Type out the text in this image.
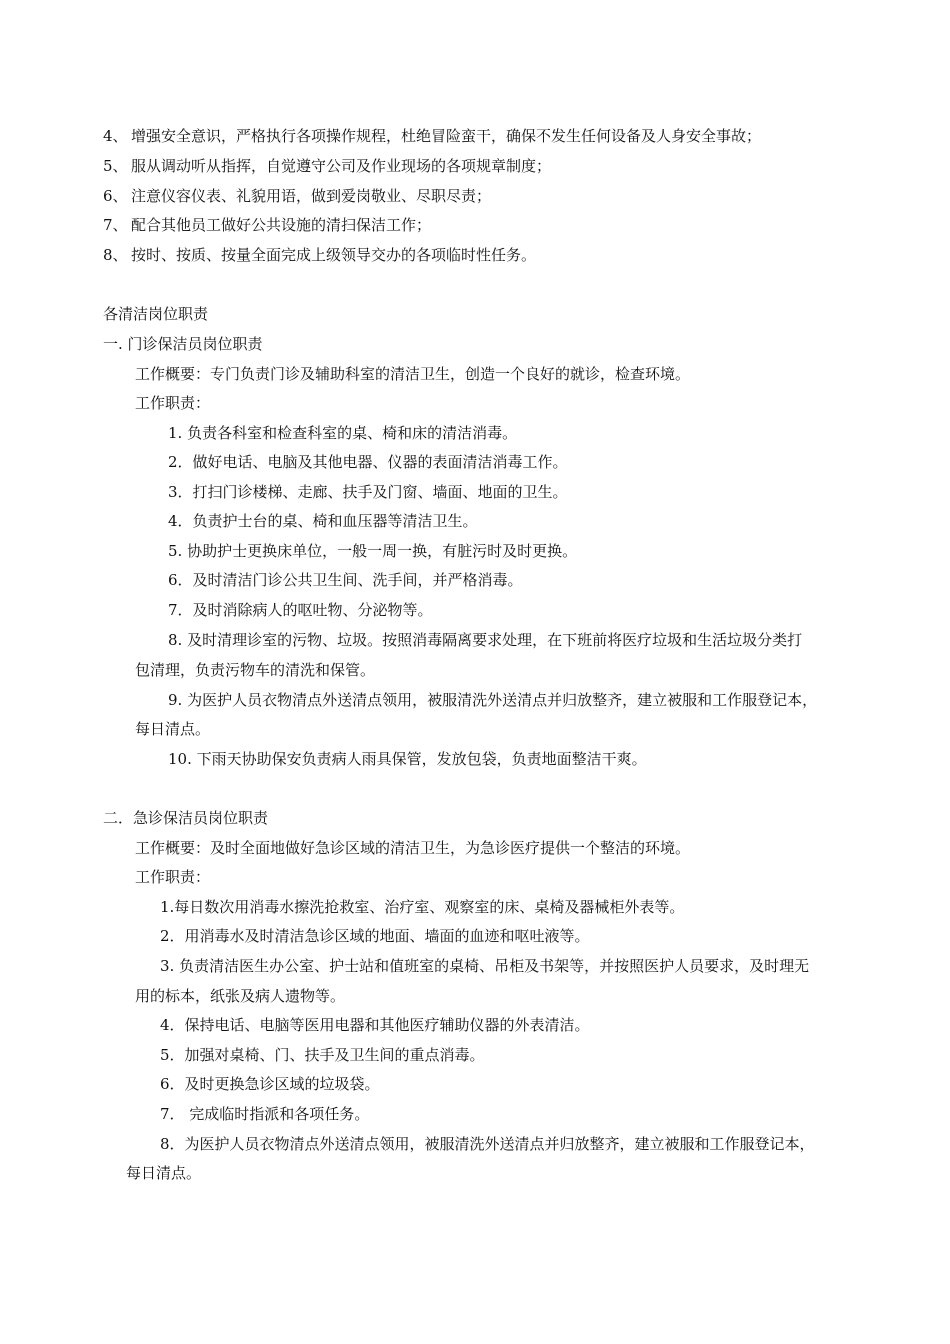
4、 增强安全意识，严格执行各项操作规程，杜绝冒险蛮干，确保不发生任何设备及人身安全事故；
5、 服从调动听从指挥，自觉遵守公司及作业现场的各项规章制度；
6、 注意仪容仪表、礼貌用语，做到爱岗敬业、尽职尽责；
7、 配合其他员工做好公共设施的清扫保洁工作；
8、 按时、按质、按量全面完成上级领导交办的各项临时性任务。
各清洁岗位职责
一. 门诊保洁员岗位职责
工作概要：专门负责门诊及辅助科室的清洁卫生，创造一个良好的就诊，检查环境。
工作职责：
1. 负责各科室和检查科室的桌、椅和床的清洁消毒。
2．做好电话、电脑及其他电器、仪器的表面清洁消毒工作。
3．打扫门诊楼梯、走廊、扶手及门窗、墙面、地面的卫生。
4．负责护士台的桌、椅和血压器等清洁卫生。
5. 协助护士更换床单位，一般一周一换，有脏污时及时更换。
6．及时清洁门诊公共卫生间、洗手间，并严格消毒。
7．及时消除病人的呕吐物、分泌物等。
8. 及时清理诊室的污物、垃圾。按照消毒隔离要求处理，在下班前将医疗垃圾和生活垃圾分类打
包清理，负责污物车的清洗和保管。
9. 为医护人员衣物清点外送清点领用，被服清洗外送清点并归放整齐，建立被服和工作服登记本，
每日清点。
10. 下雨天协助保安负责病人雨具保管，发放包袋，负责地面整洁干爽。
二．急诊保洁员岗位职责
工作概要：及时全面地做好急诊区域的清洁卫生，为急诊医疗提供一个整洁的环境。
工作职责：
1.每日数次用消毒水擦洗抢救室、治疗室、观察室的床、桌椅及器械柜外表等。
2．用消毒水及时清洁急诊区域的地面、墙面的血迹和呕吐液等。
3. 负责清洁医生办公室、护士站和值班室的桌椅、吊柜及书架等，并按照医护人员要求，及时理无
用的标本，纸张及病人遗物等。
4．保持电话、电脑等医用电器和其他医疗辅助仪器的外表清洁。
5．加强对桌椅、门、扶手及卫生间的重点消毒。
6．及时更换急诊区域的垃圾袋。
7． 完成临时指派和各项任务。
8．为医护人员衣物清点外送清点领用，被服清洗外送清点并归放整齐，建立被服和工作服登记本，
每日清点。
